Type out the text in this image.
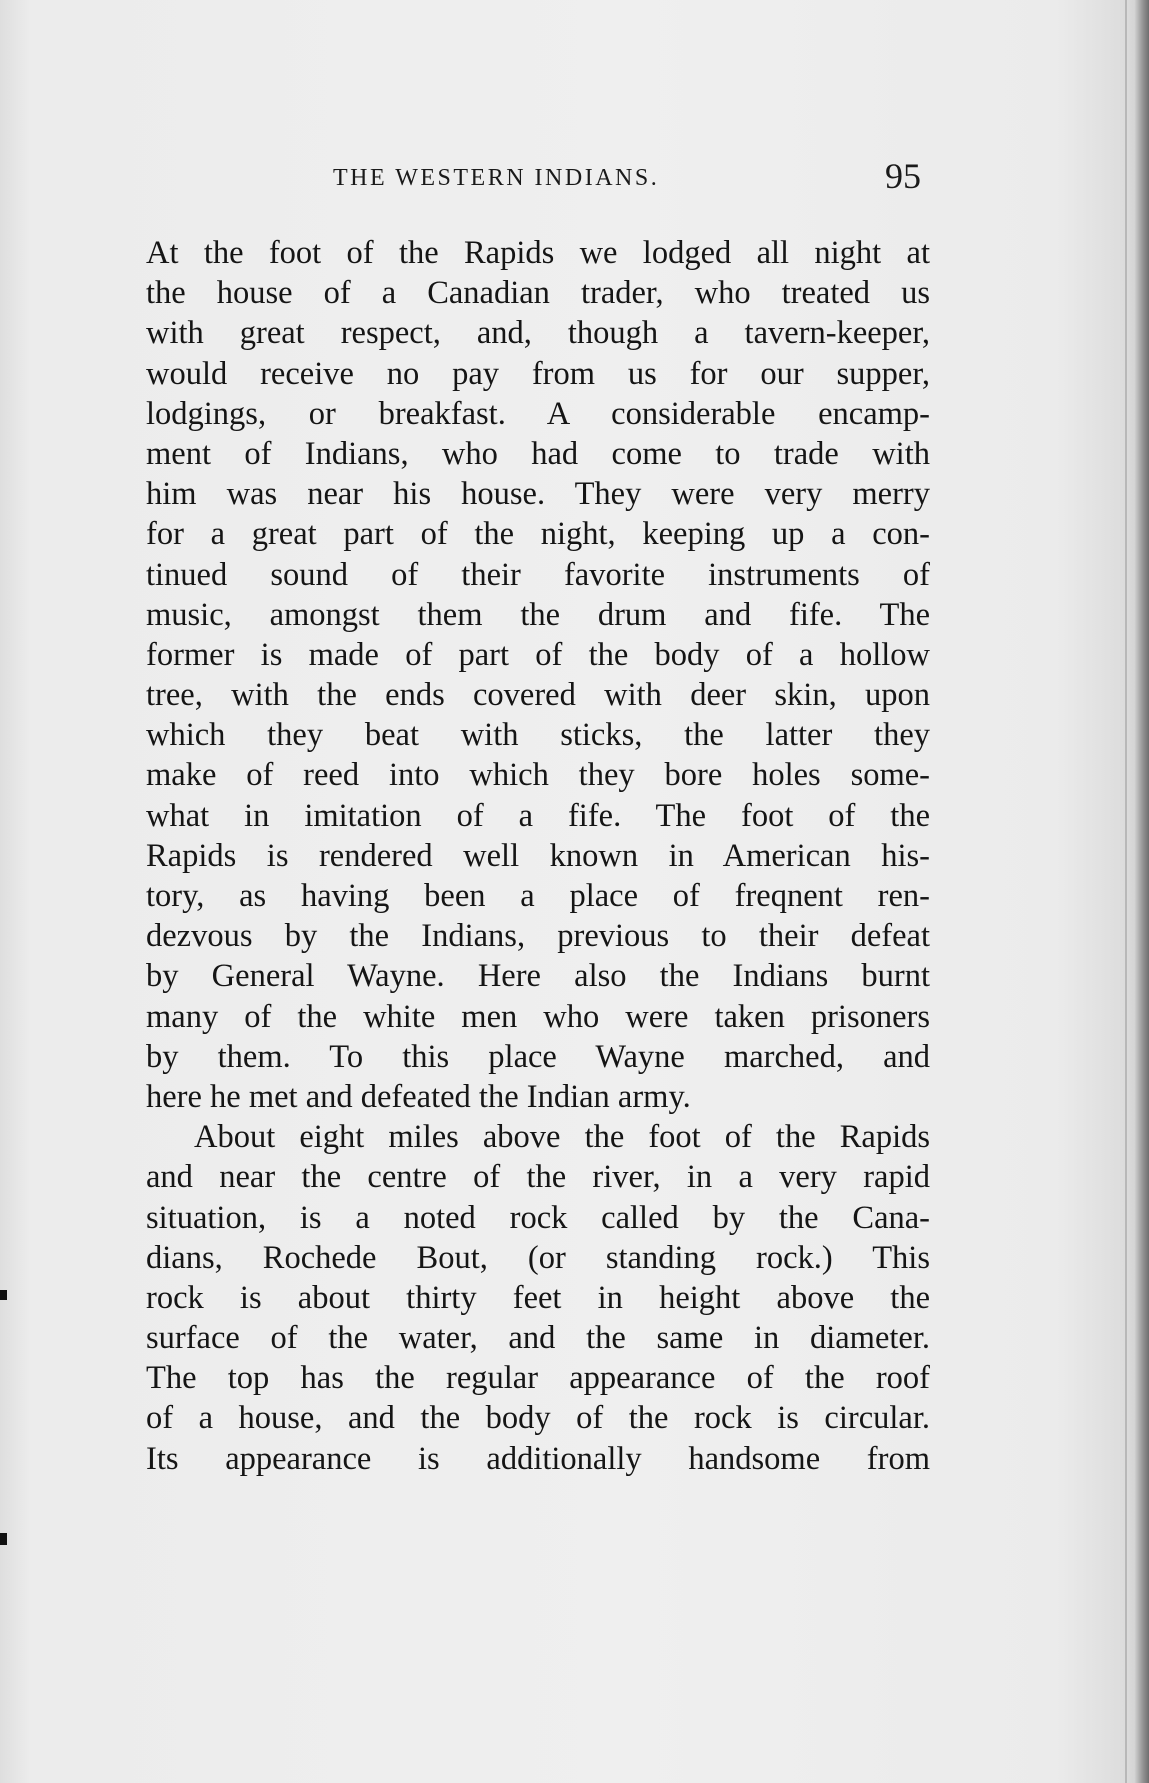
THE WESTERN INDIANS.	95
At the foot of the Rapids we lodged all night at
the house of a Canadian trader, who treated us
with great respect, and, though a tavern-keeper,
would receive no pay from us for our supper,
lodgings, or breakfast. A considerable encamp-
ment of Indians, who had come to trade with
him was near his house. They were very merry
for a great part of the night, keeping up a con-
tinued sound of their favorite instruments of
music, amongst them the drum and fife. The
former is made of part of the body of a hollow
tree, with the ends covered with deer skin, upon
which they beat with sticks, the latter they
make of reed into which they bore holes some-
what in imitation of a fife. The foot of the
Rapids is rendered well known in American his-
tory, as having been a place of freqnent ren-
dezvous by the Indians, previous to their defeat
by General Wayne. Here also the Indians burnt
many of the white men who were taken prisoners
by them. To this place Wayne marched, and
here he met and defeated the Indian army.
About eight miles above the foot of the Rapids
and near the centre of the river, in a very rapid
situation, is a noted rock called by the Cana-
dians, Rochede Bout, (or standing rock.) This
rock is about thirty feet in height above the
surface of the water, and the same in diameter.
The top has the regular appearance of the roof
of a house, and the body of the rock is circular.
Its appearance is additionally handsome from
